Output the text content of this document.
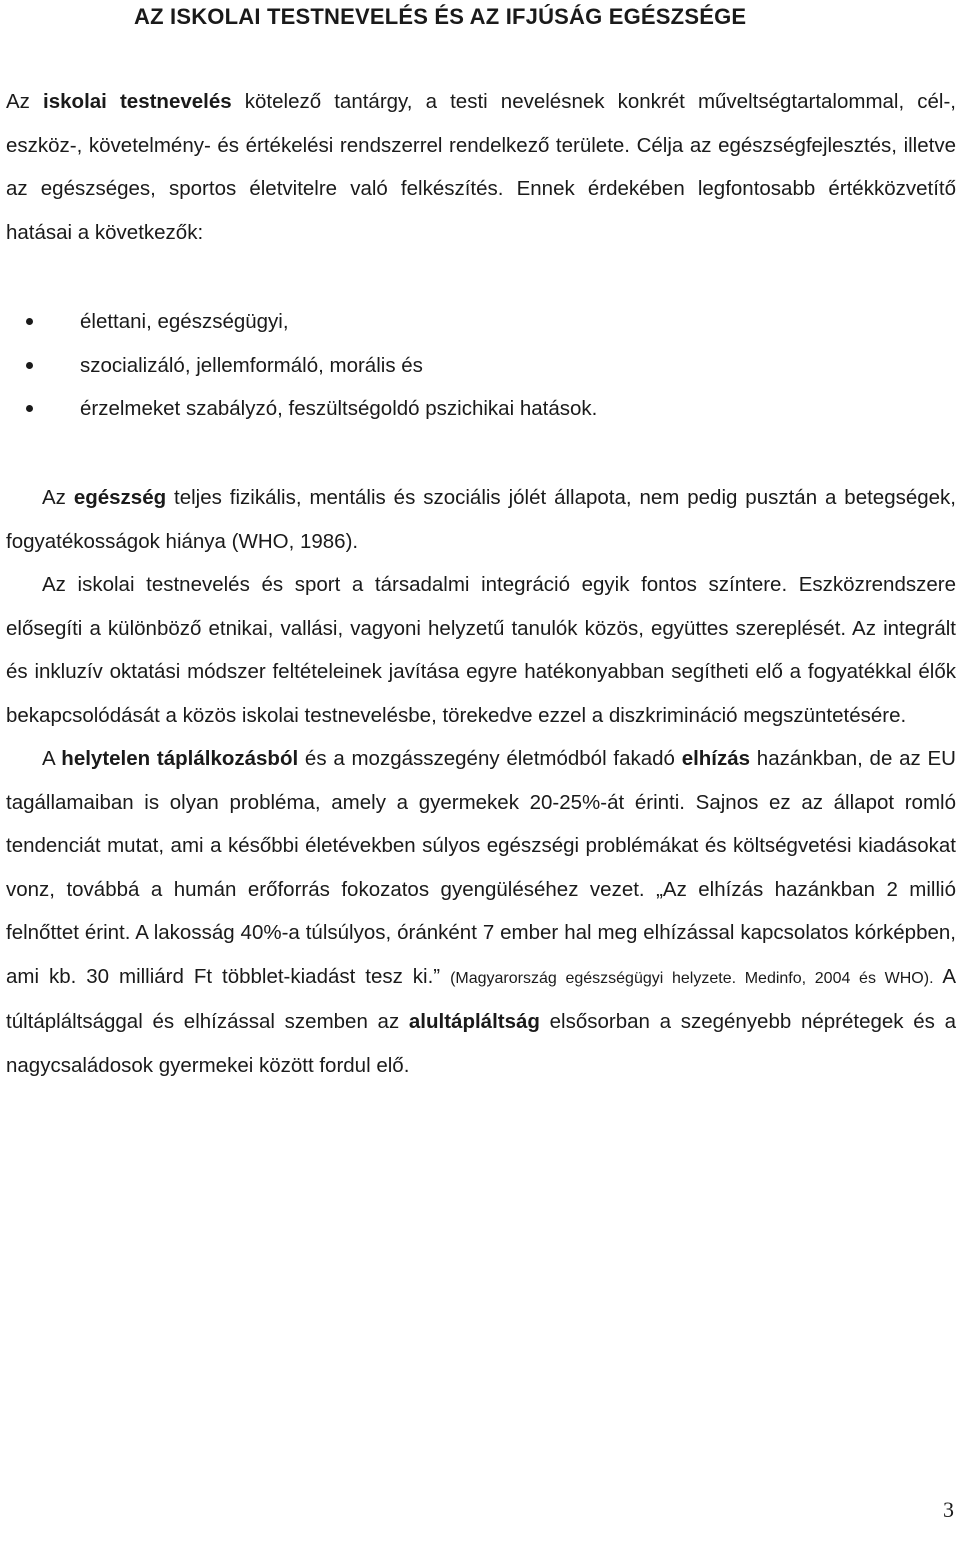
AZ ISKOLAI TESTNEVELÉS ÉS AZ IFJÚSÁG EGÉSZSÉGE

Az iskolai testnevelés kötelező tantárgy, a testi nevelésnek konkrét műveltségtartalommal, cél-, eszköz-, követelmény- és értékelési rendszerrel rendelkező területe. Célja az egészségfejlesztés, illetve az egészséges, sportos életvitelre való felkészítés. Ennek érdekében legfontosabb értékközvetítő hatásai a következők:

élettani, egészségügyi,
szocializáló, jellemformáló, morális és
érzelmeket szabályzó, feszültségoldó pszichikai hatások.

Az egészség teljes fizikális, mentális és szociális jólét állapota, nem pedig pusztán a betegségek, fogyatékosságok hiánya (WHO, 1986).
Az iskolai testnevelés és sport a társadalmi integráció egyik fontos színtere. Eszközrendszere elősegíti a különböző etnikai, vallási, vagyoni helyzetű tanulók közös, együttes szereplését. Az integrált és inkluzív oktatási módszer feltételeinek javítása egyre hatékonyabban segítheti elő a fogyatékkal élők bekapcsolódását a közös iskolai testnevelésbe, törekedve ezzel a diszkrimináció megszüntetésére.
A helytelen táplálkozásból és a mozgásszegény életmódból fakadó elhízás hazánkban, de az EU tagállamaiban is olyan probléma, amely a gyermekek 20-25%-át érinti. Sajnos ez az állapot romló tendenciát mutat, ami a későbbi életévekben súlyos egészségi problémákat és költségvetési kiadásokat vonz, továbbá a humán erőforrás fokozatos gyengüléséhez vezet. „Az elhízás hazánkban 2 millió felnőttet érint. A lakosság 40%-a túlsúlyos, óránként 7 ember hal meg elhízással kapcsolatos kórképben, ami kb. 30 milliárd Ft többlet-kiadást tesz ki.” (Magyarország egészségügyi helyzete. Medinfo, 2004 és WHO). A túltápláltsággal és elhízással szemben az alultápláltság elsősorban a szegényebb néprétegek és a nagycsaládosok gyermekei között fordul elő.

3
